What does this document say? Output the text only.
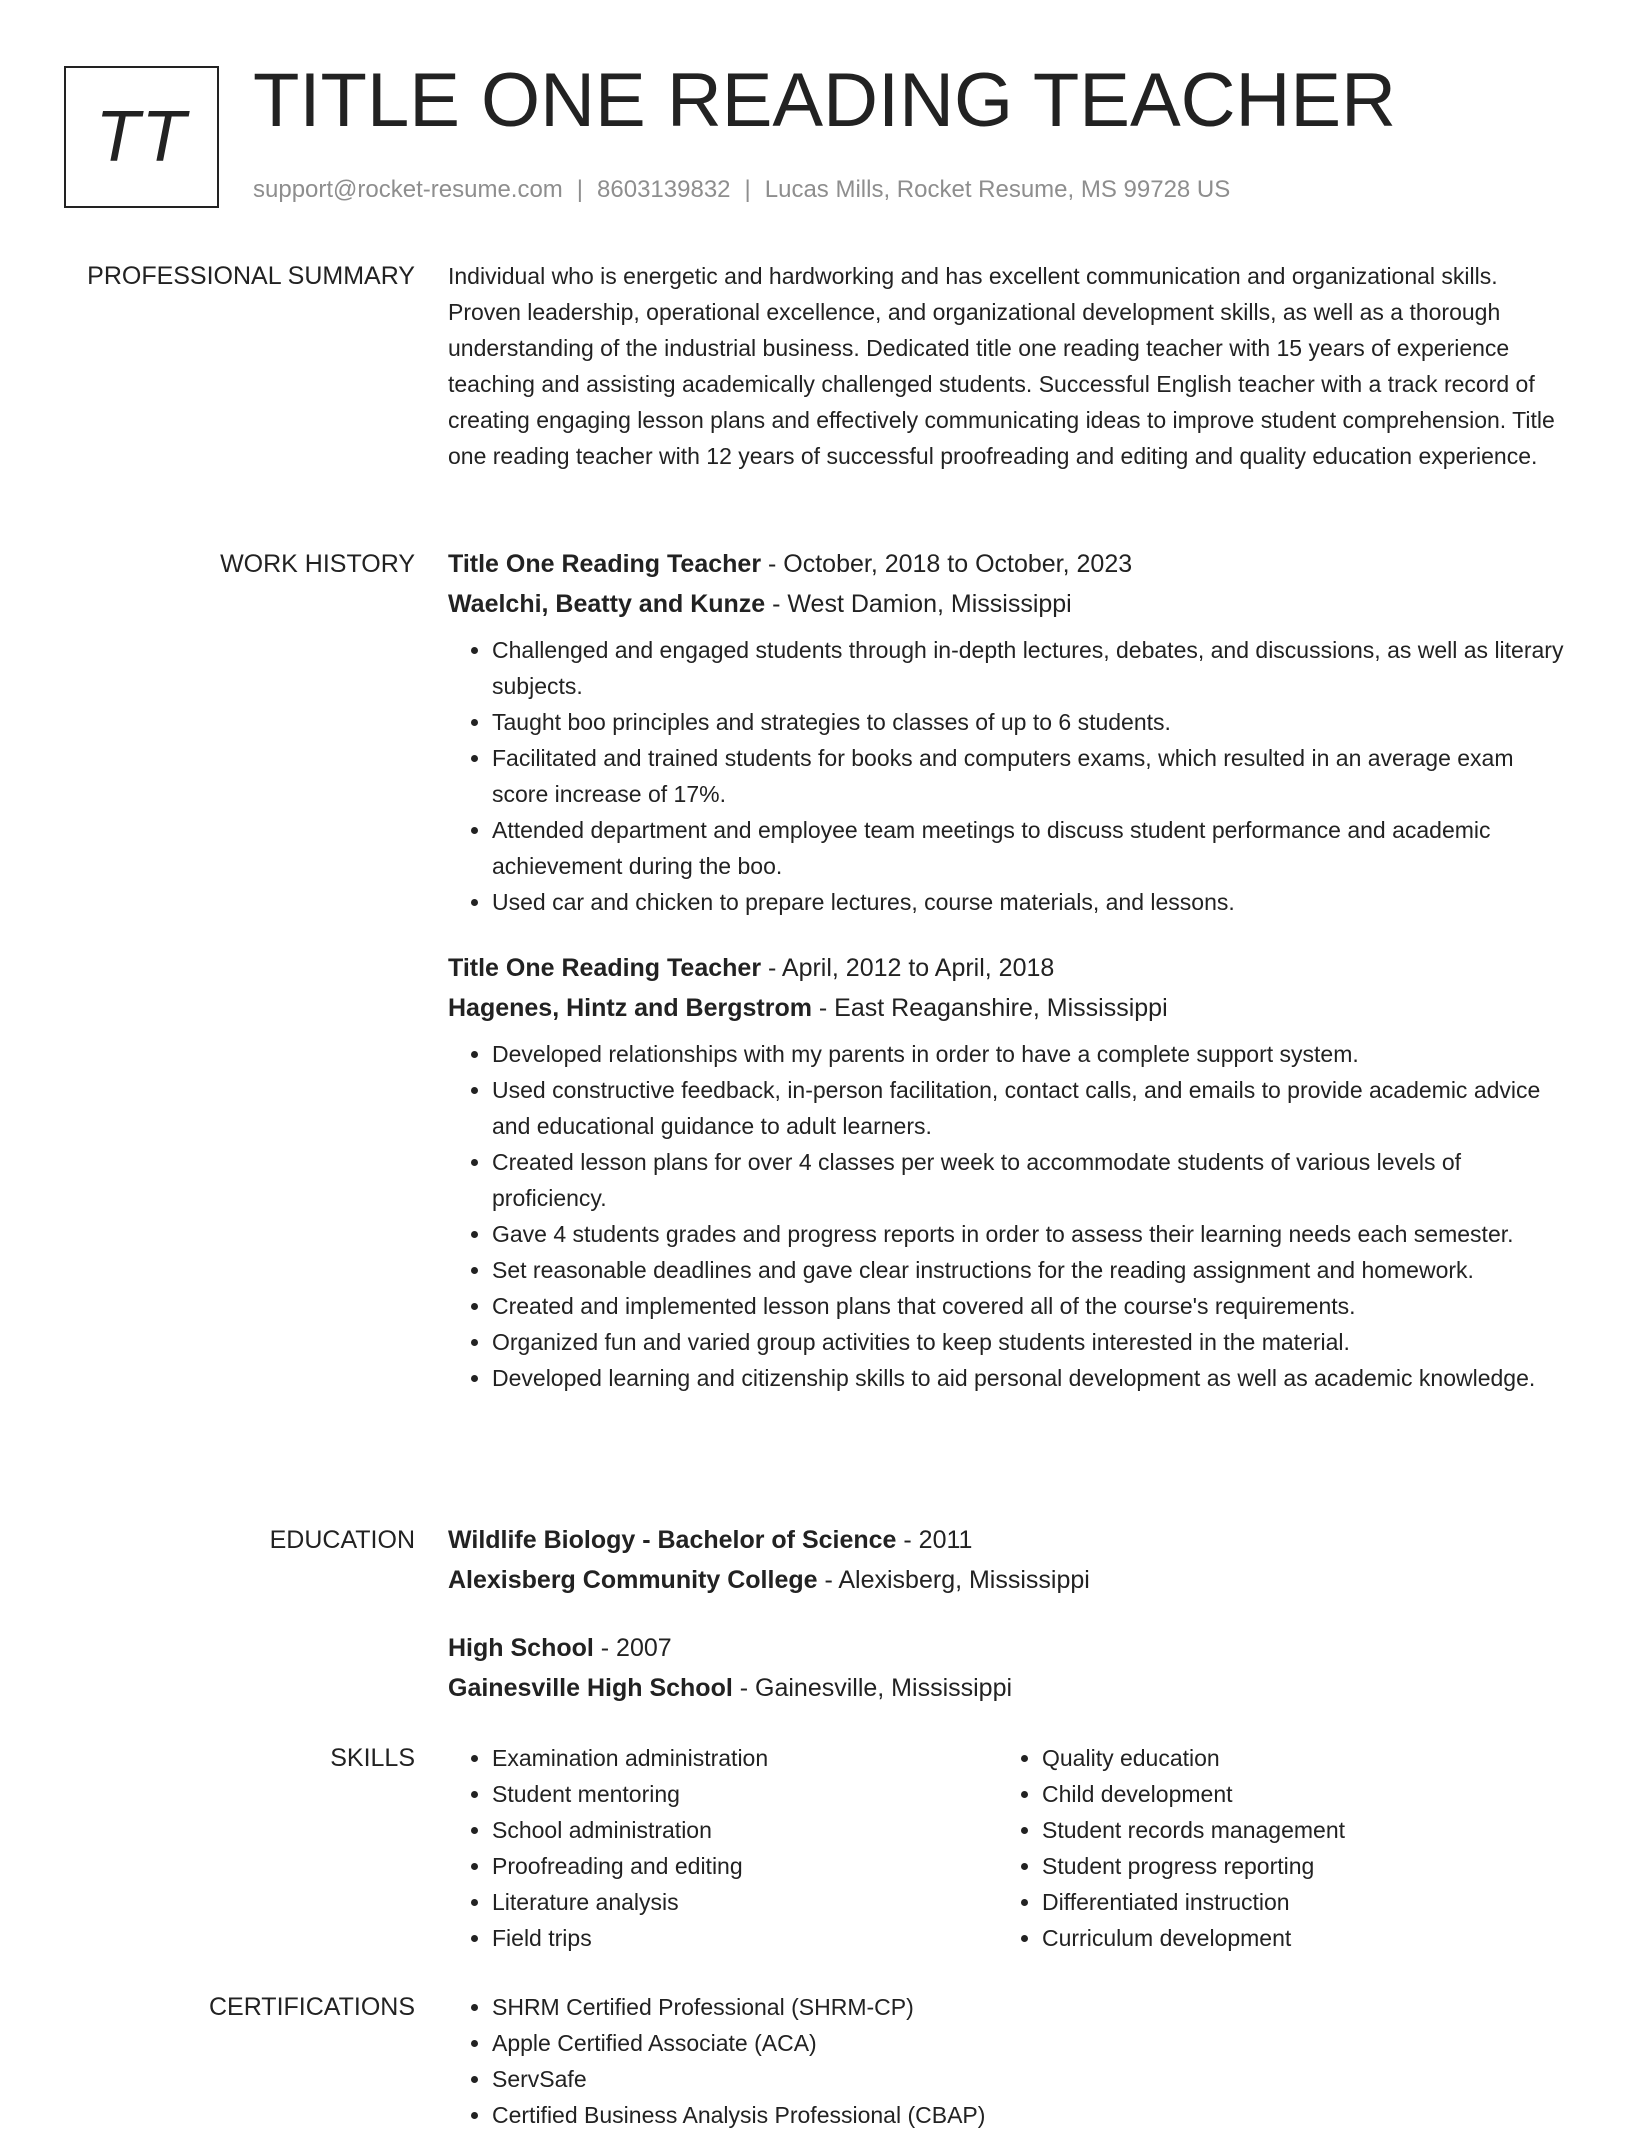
TT TITLE ONE READING TEACHER
support@rocket-resume.com | 8603139832 | Lucas Mills, Rocket Resume, MS 99728 US
PROFESSIONAL SUMMARY Individual who is energetic and hardworking and has excellent communication and organizational skills. Proven leadership, operational excellence, and organizational development skills, as well as a thorough understanding of the industrial business. Dedicated title one reading teacher with 15 years of experience teaching and assisting academically challenged students. Successful English teacher with a track record of creating engaging lesson plans and effectively communicating ideas to improve student comprehension. Title one reading teacher with 12 years of successful proofreading and editing and quality education experience.

WORK HISTORY Title One Reading Teacher - October, 2018 to October, 2023
Waelchi, Beatty and Kunze - West Damion, Mississippi
• Challenged and engaged students through in-depth lectures, debates, and discussions, as well as literary subjects.
• Taught boo principles and strategies to classes of up to 6 students.
• Facilitated and trained students for books and computers exams, which resulted in an average exam score increase of 17%.
• Attended department and employee team meetings to discuss student performance and academic achievement during the boo.
• Used car and chicken to prepare lectures, course materials, and lessons.
Title One Reading Teacher - April, 2012 to April, 2018
Hagenes, Hintz and Bergstrom - East Reaganshire, Mississippi
• Developed relationships with my parents in order to have a complete support system.
• Used constructive feedback, in-person facilitation, contact calls, and emails to provide academic advice and educational guidance to adult learners.
• Created lesson plans for over 4 classes per week to accommodate students of various levels of proficiency.
• Gave 4 students grades and progress reports in order to assess their learning needs each semester.
• Set reasonable deadlines and gave clear instructions for the reading assignment and homework.
• Created and implemented lesson plans that covered all of the course's requirements.
• Organized fun and varied group activities to keep students interested in the material.
• Developed learning and citizenship skills to aid personal development as well as academic knowledge.
EDUCATION Wildlife Biology - Bachelor of Science - 2011
Alexisberg Community College - Alexisberg, Mississippi
High School - 2007
Gainesville High School - Gainesville, Mississippi
SKILLS	• Examination administration
• Student mentoring
• School administration
• Proofreading and editing
• Literature analysis
• Field trips
• Quality education
• Child development
• Student records management
• Student progress reporting
• Differentiated instruction
• Curriculum development
CERTIFICATIONS	• SHRM Certified Professional (SHRM-CP)
• Apple Certified Associate (ACA)
• ServSafe
• Certified Business Analysis Professional (CBAP)
